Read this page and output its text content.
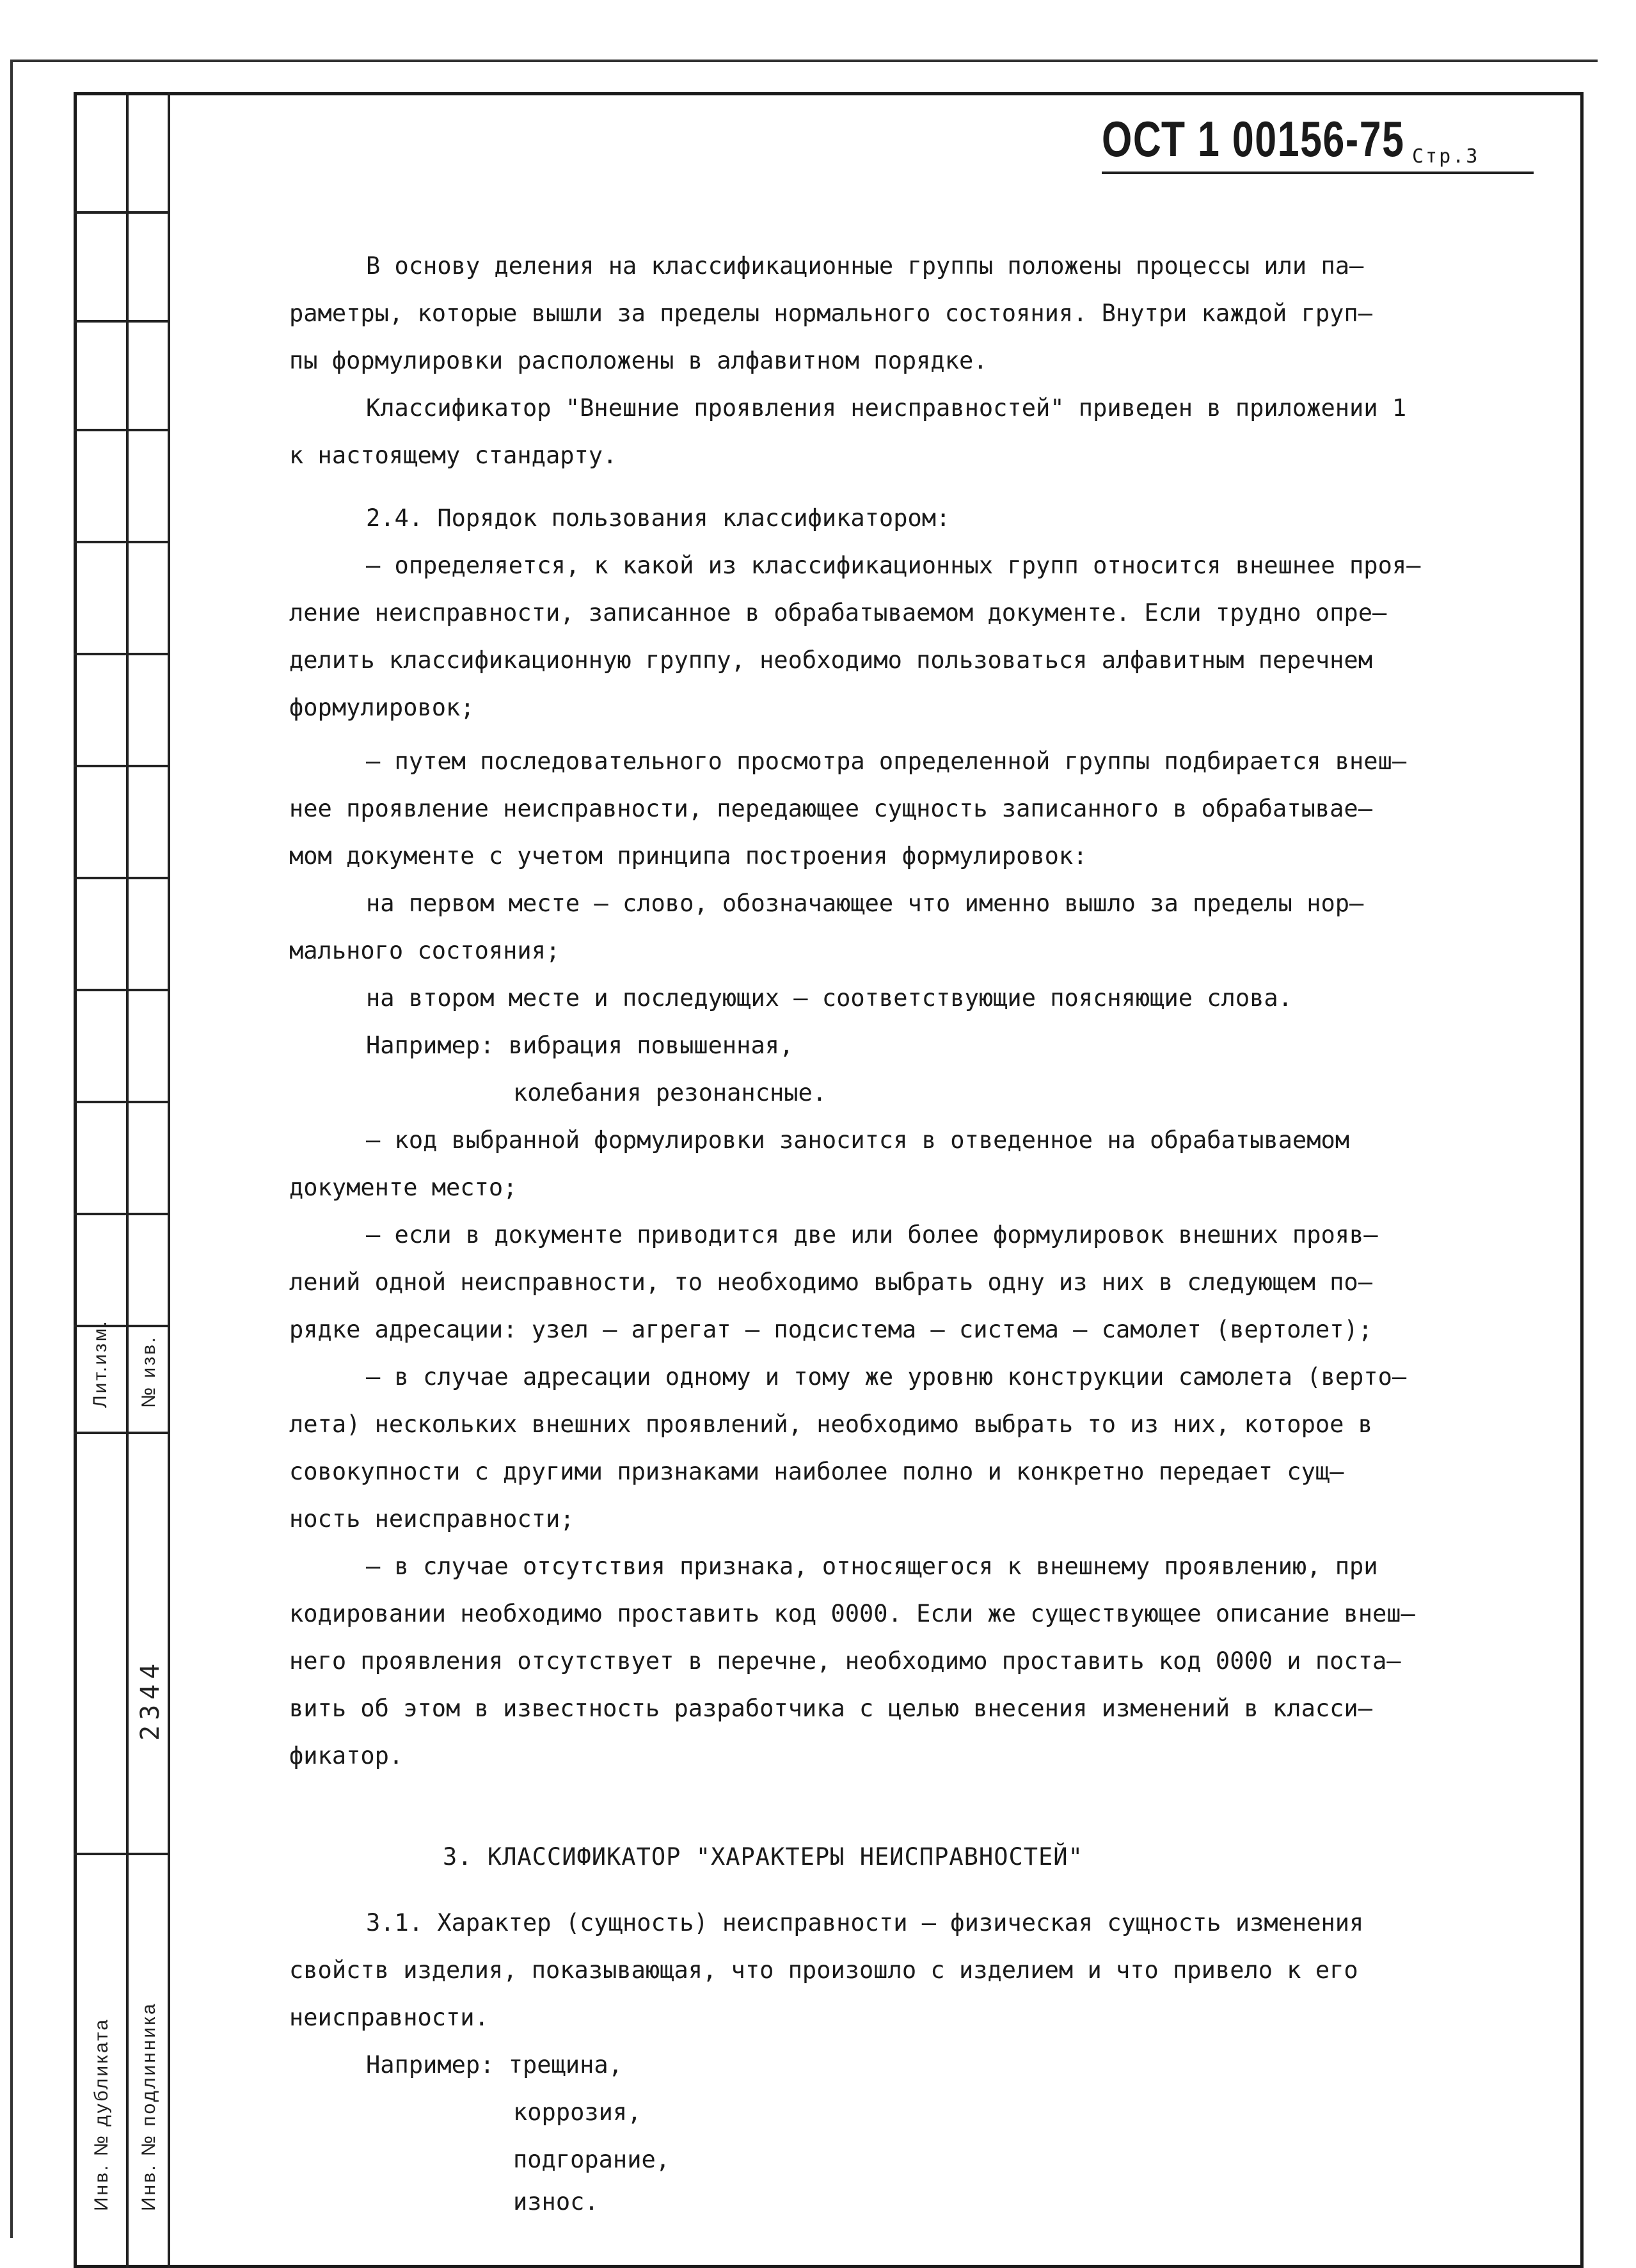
Лит.изм. № изв.
2344
Инв. № дубликата Инв. № подлинника
ОСТ 1 00156-75 Стр.3
В основу деления на классификационные группы положены процессы или па–
раметры, которые вышли за пределы нормального состояния. Внутри каждой груп–
пы формулировки расположены в алфавитном порядке.
Классификатор "Внешние проявления неисправностей" приведен в приложении 1
к настоящему стандарту.
2.4. Порядок пользования классификатором:
– определяется, к какой из классификационных групп относится внешнее проя–
ление неисправности, записанное в обрабатываемом документе. Если трудно опре–
делить классификационную группу, необходимо пользоваться алфавитным перечнем
формулировок;
– путем последовательного просмотра определенной группы подбирается внеш–
нее проявление неисправности, передающее сущность записанного в обрабатывае–
мом документе с учетом принципа построения формулировок:
на первом месте – слово, обозначающее что именно вышло за пределы нор–
мального состояния;
на втором месте и последующих – соответствующие поясняющие слова.
Например: вибрация повышенная,
колебания резонансные.
– код выбранной формулировки заносится в отведенное на обрабатываемом
документе место;
– если в документе приводится две или более формулировок внешних прояв–
лений одной неисправности, то необходимо выбрать одну из них в следующем по–
рядке адресации: узел – агрегат – подсистема – система – самолет (вертолет);
– в случае адресации одному и тому же уровню конструкции самолета (верто–
лета) нескольких внешних проявлений, необходимо выбрать то из них, которое в
совокупности с другими признаками наиболее полно и конкретно передает сущ–
ность неисправности;
– в случае отсутствия признака, относящегося к внешнему проявлению, при
кодировании необходимо проставить код 0000. Если же существующее описание внеш–
него проявления отсутствует в перечне, необходимо проставить код 0000 и поста–
вить об этом в известность разработчика с целью внесения изменений в класси–
фикатор.
3. КЛАССИФИКАТОР "ХАРАКТЕРЫ НЕИСПРАВНОСТЕЙ"
3.1. Характер (сущность) неисправности – физическая сущность изменения
свойств изделия, показывающая, что произошло с изделием и что привело к его
неисправности.
Например: трещина,
коррозия,
подгорание,
износ.
